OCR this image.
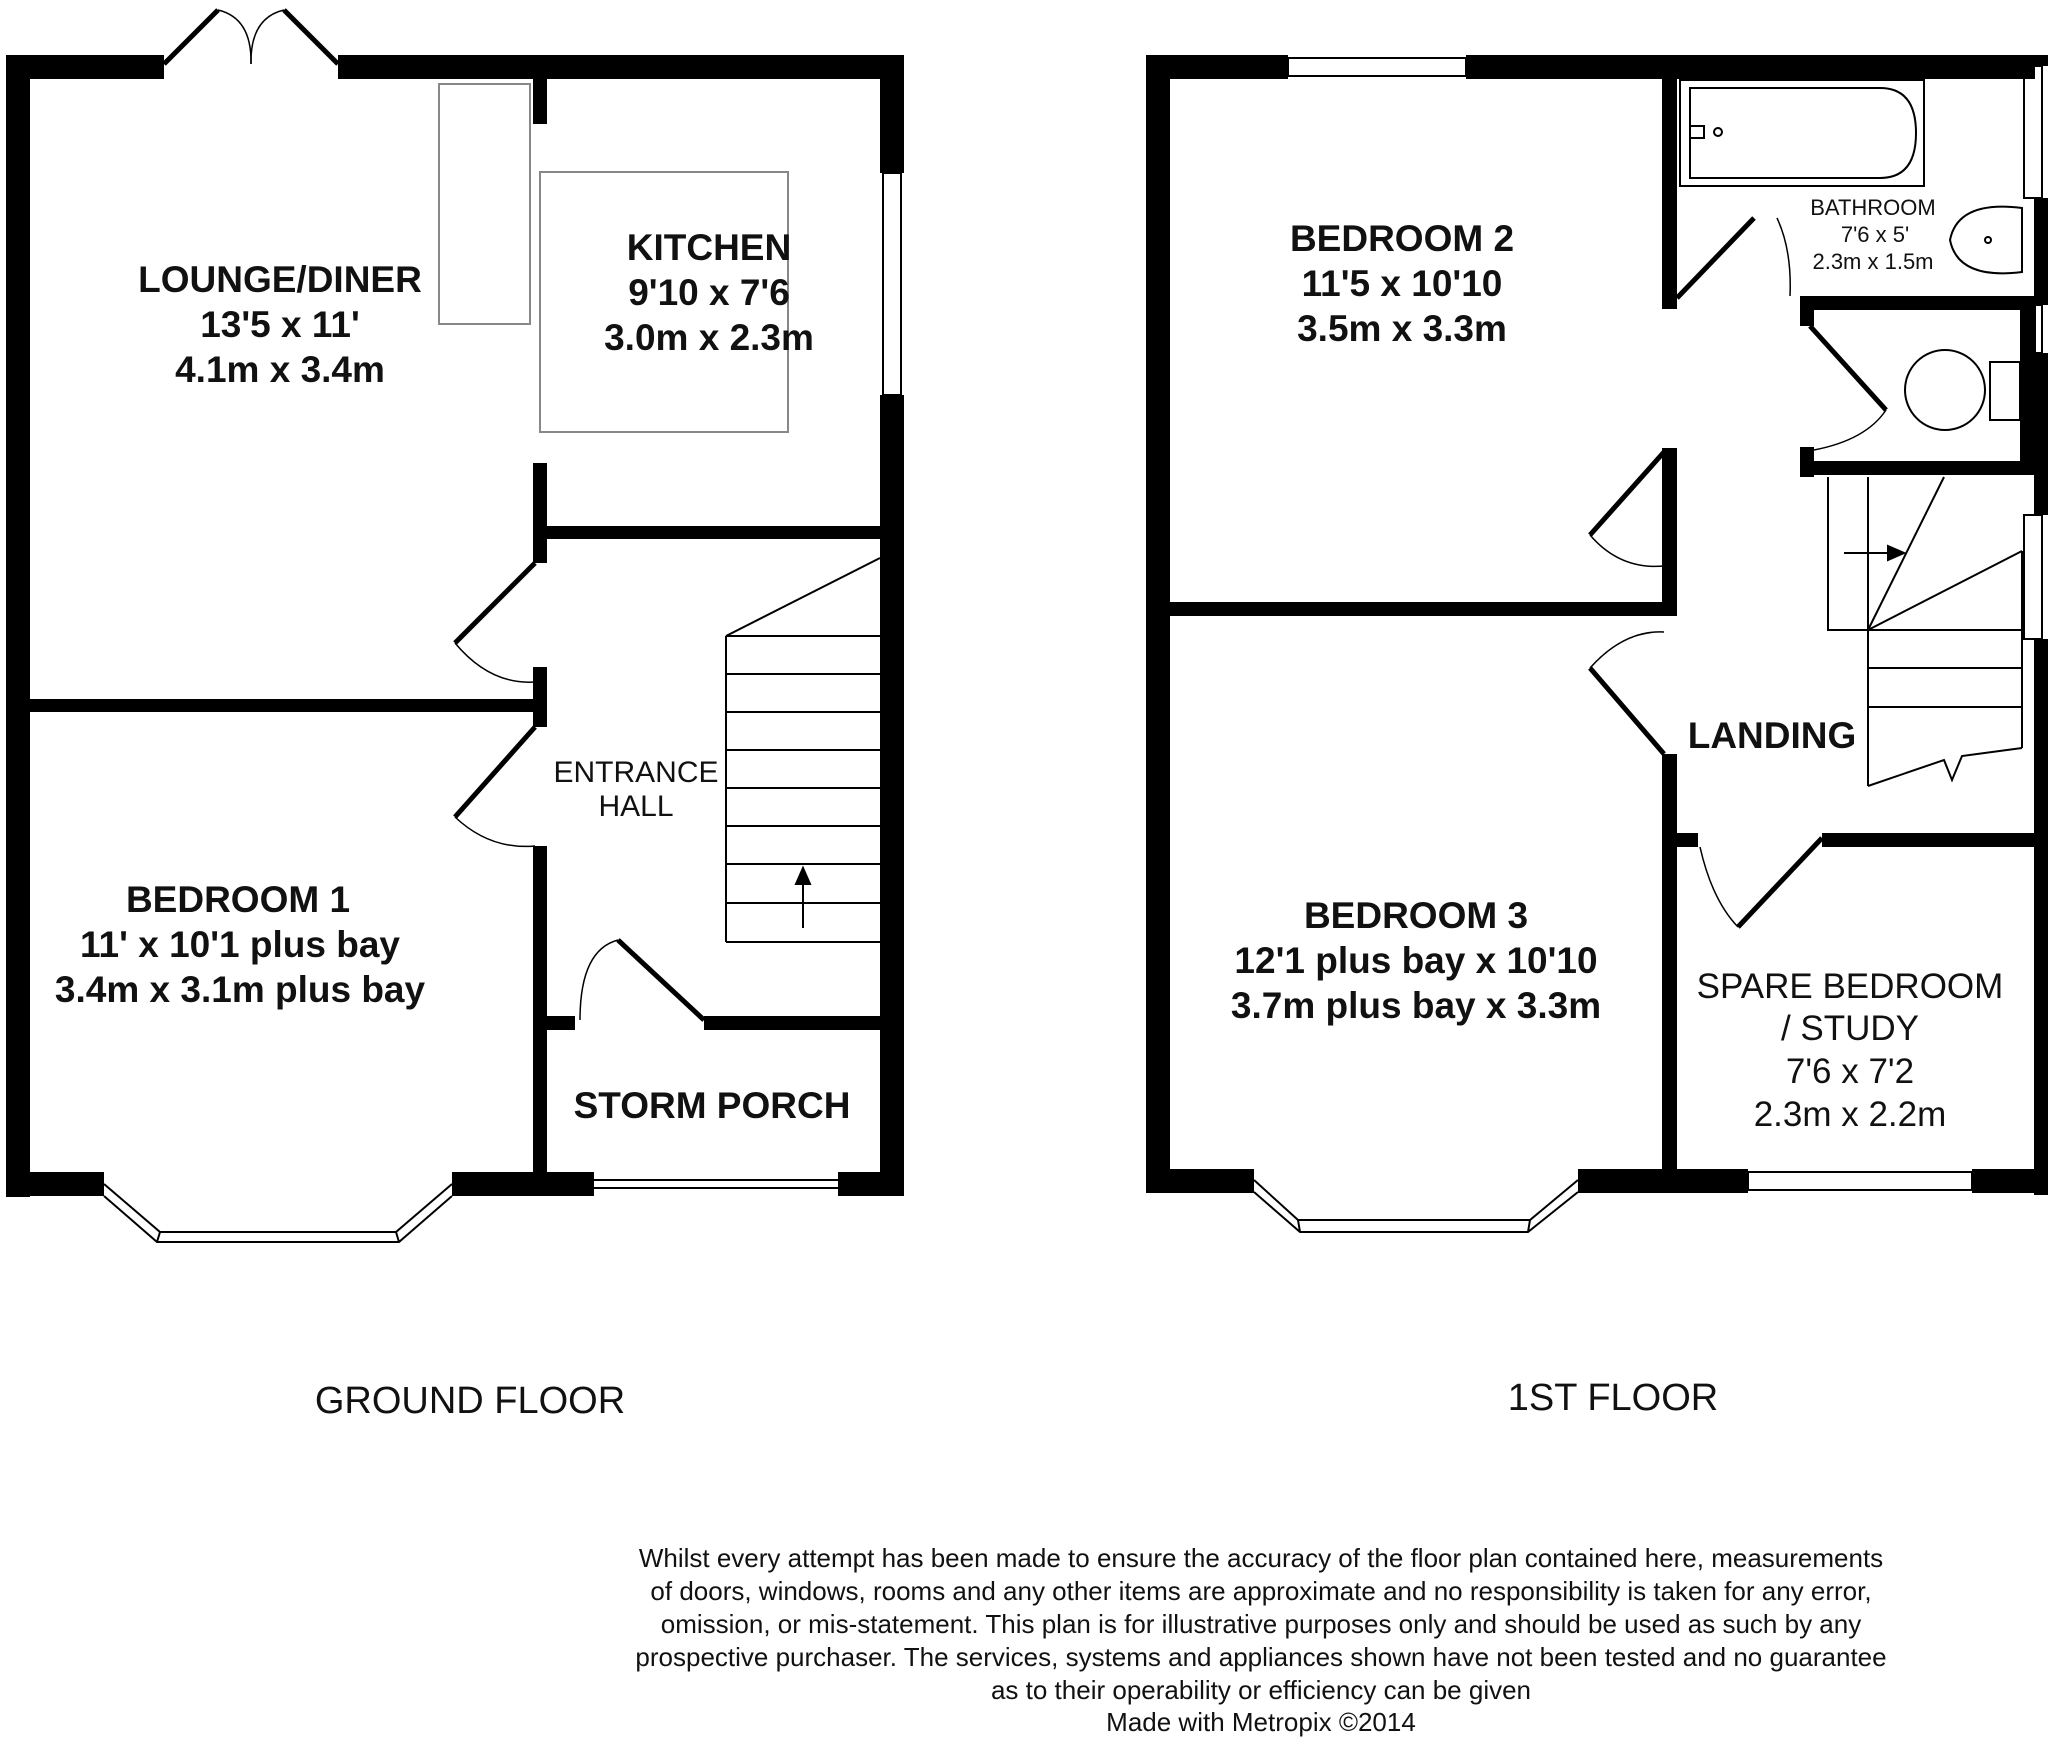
LOUNGE/DINER
13'5 x 11'
4.1m x 3.4m
KITCHEN
9'10 x 7'6
3.0m x 2.3m
ENTRANCE
HALL
BEDROOM 1
11' x 10'1 plus bay
3.4m x 3.1m plus bay
STORM PORCH
BEDROOM 2
11'5 x 10'10
3.5m x 3.3m
BATHROOM
7'6 x 5'
2.3m x 1.5m
LANDING
BEDROOM 3
12'1 plus bay x 10'10
3.7m plus bay x 3.3m	SPARE BEDROOM
/ STUDY
7'6 x 7'2
2.3m x 2.2m
GROUND FLOOR	1ST FLOOR
Whilst every attempt has been made to ensure the accuracy of the floor plan contained here, measurements
of doors, windows, rooms and any other items are approximate and no responsibility is taken for any error,
omission, or mis-statement. This plan is for illustrative purposes only and should be used as such by any
prospective purchaser. The services, systems and appliances shown have not been tested and no guarantee
as to their operability or efficiency can be given
Made with Metropix ©2014
